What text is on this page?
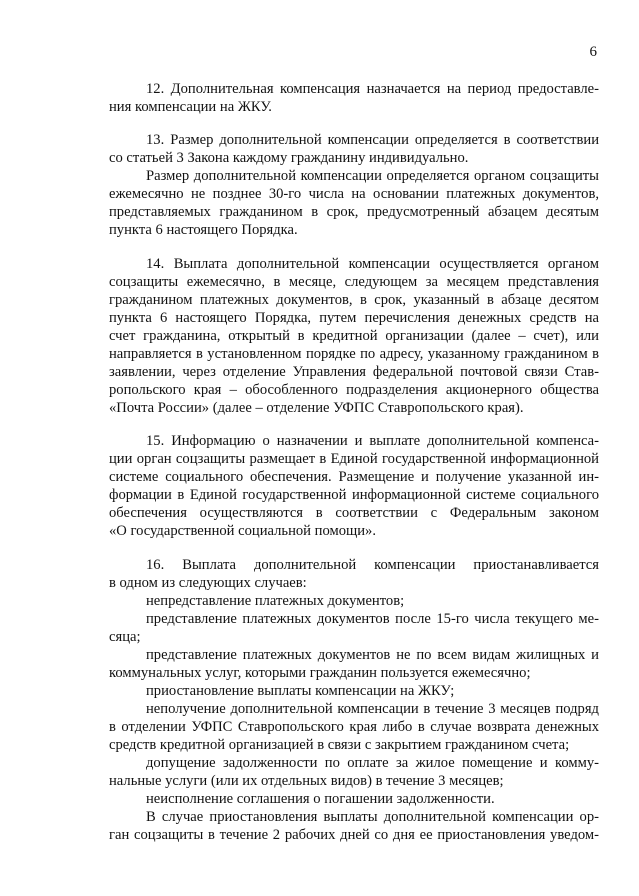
6
12. Дополнительная компенсация назначается на период предоставле-
ния компенсации на ЖКУ.
13. Размер дополнительной компенсации определяется в соответствии
со статьей 3 Закона каждому гражданину индивидуально.
Размер дополнительной компенсации определяется органом соцзащиты
ежемесячно не позднее 30-го числа на основании платежных документов,
представляемых гражданином в срок, предусмотренный абзацем десятым
пункта 6 настоящего Порядка.
14. Выплата дополнительной компенсации осуществляется органом
соцзащиты ежемесячно, в месяце, следующем за месяцем представления
гражданином платежных документов, в срок, указанный в абзаце десятом
пункта 6 настоящего Порядка, путем перечисления денежных средств на
счет гражданина, открытый в кредитной организации (далее – счет), или
направляется в установленном порядке по адресу, указанному гражданином в
заявлении, через отделение Управления федеральной почтовой связи Став-
ропольского края – обособленного подразделения акционерного общества
«Почта России» (далее – отделение УФПС Ставропольского края).
15. Информацию о назначении и выплате дополнительной компенса-
ции орган соцзащиты размещает в Единой государственной информационной
системе социального обеспечения. Размещение и получение указанной ин-
формации в Единой государственной информационной системе социального
обеспечения осуществляются в соответствии с Федеральным законом
«О государственной социальной помощи».
16. Выплата дополнительной компенсации приостанавливается
в одном из следующих случаев:
непредставление платежных документов;
представление платежных документов после 15-го числа текущего ме-
сяца;
представление платежных документов не по всем видам жилищных и
коммунальных услуг, которыми гражданин пользуется ежемесячно;
приостановление выплаты компенсации на ЖКУ;
неполучение дополнительной компенсации в течение 3 месяцев подряд
в отделении УФПС Ставропольского края либо в случае возврата денежных
средств кредитной организацией в связи с закрытием гражданином счета;
допущение задолженности по оплате за жилое помещение и комму-
нальные услуги (или их отдельных видов) в течение 3 месяцев;
неисполнение соглашения о погашении задолженности.
В случае приостановления выплаты дополнительной компенсации ор-
ган соцзащиты в течение 2 рабочих дней со дня ее приостановления уведом-
